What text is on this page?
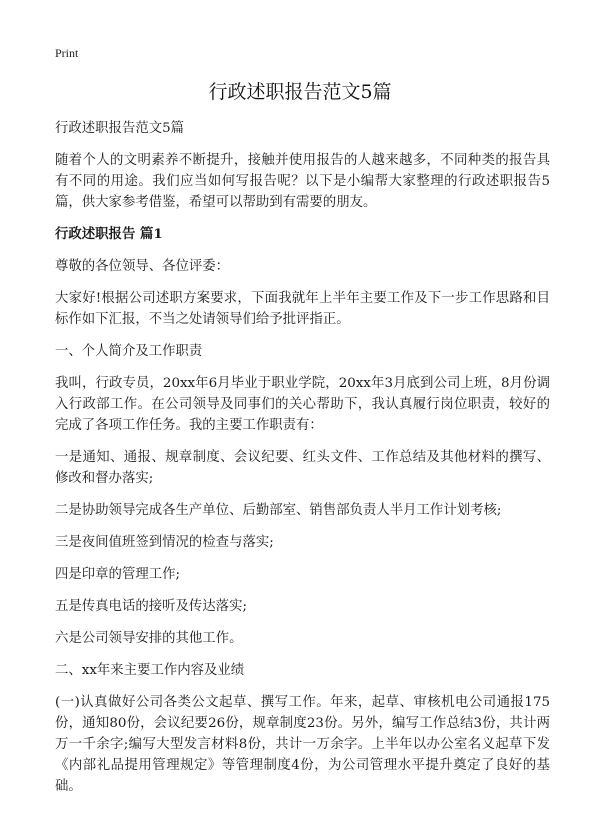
Print
行政述职报告范文5篇

行政述职报告范文5篇

随着个人的文明素养不断提升，接触并使用报告的人越来越多，不同种类的报告具有不同的用途。我们应当如何写报告呢？以下是小编帮大家整理的行政述职报告5篇，供大家参考借鉴，希望可以帮助到有需要的朋友。

行政述职报告 篇1

尊敬的各位领导、各位评委：

大家好!根据公司述职方案要求，下面我就年上半年主要工作及下一步工作思路和目标作如下汇报，不当之处请领导们给予批评指正。

一、个人简介及工作职责

我叫，行政专员，20xx年6月毕业于职业学院，20xx年3月底到公司上班，8月份调入行政部工作。在公司领导及同事们的关心帮助下，我认真履行岗位职责，较好的完成了各项工作任务。我的主要工作职责有：

一是通知、通报、规章制度、会议纪要、红头文件、工作总结及其他材料的撰写、修改和督办落实;

二是协助领导完成各生产单位、后勤部室、销售部负责人半月工作计划考核;

三是夜间值班签到情况的检查与落实;

四是印章的管理工作;

五是传真电话的接听及传达落实;

六是公司领导安排的其他工作。

二、xx年来主要工作内容及业绩

(一)认真做好公司各类公文起草、撰写工作。年来，起草、审核机电公司通报175份，通知80份，会议纪要26份，规章制度23份。另外，编写工作总结3份，共计两万一千余字;编写大型发言材料8份，共计一万余字。上半年以办公室名义起草下发《内部礼品提用管理规定》等管理制度4份，为公司管理水平提升奠定了良好的基础。
